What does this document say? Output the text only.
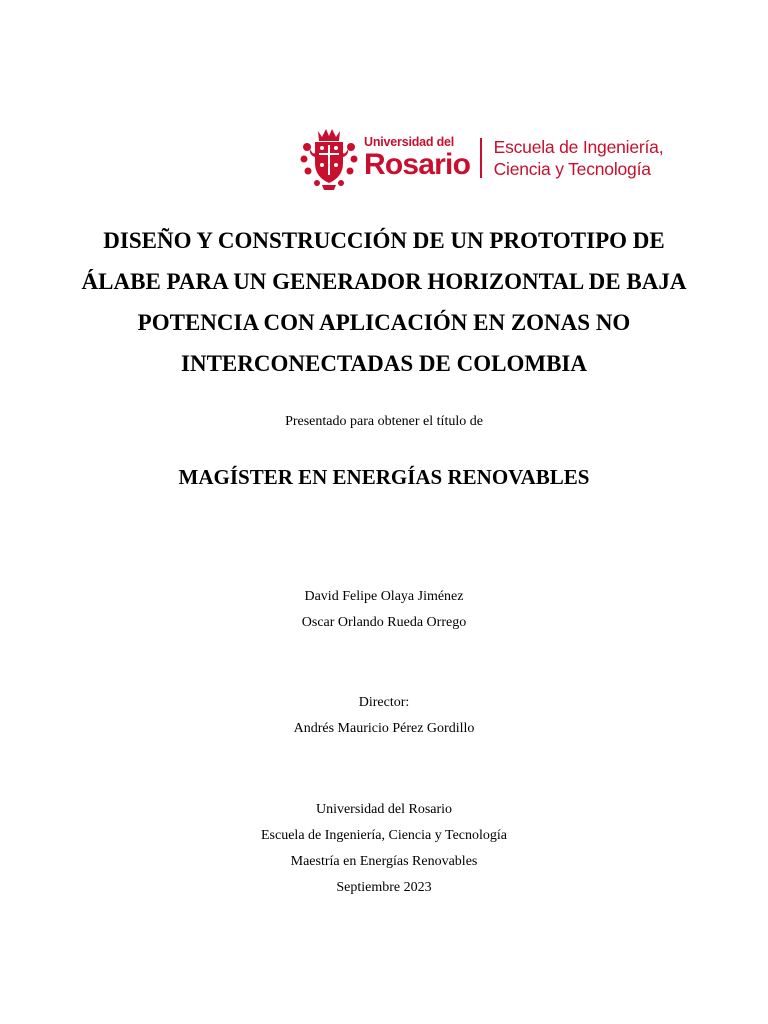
Universidad del
Rosario
Escuela de Ingeniería,
Ciencia y Tecnología
DISEÑO Y CONSTRUCCIÓN DE UN PROTOTIPO DE
ÁLABE PARA UN GENERADOR HORIZONTAL DE BAJA
POTENCIA CON APLICACIÓN EN ZONAS NO
INTERCONECTADAS DE COLOMBIA
Presentado para obtener el título de
MAGÍSTER EN ENERGÍAS RENOVABLES
David Felipe Olaya Jiménez
Oscar Orlando Rueda Orrego
Director:
Andrés Mauricio Pérez Gordillo
Universidad del Rosario
Escuela de Ingeniería, Ciencia y Tecnología
Maestría en Energías Renovables
Septiembre 2023
